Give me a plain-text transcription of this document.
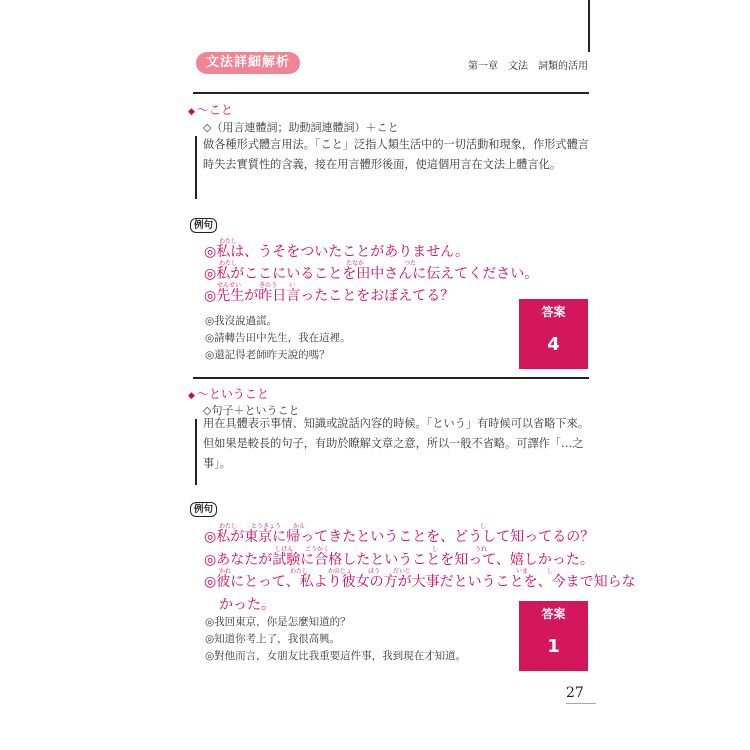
文法詳細解析	第一章　文法　詞類的活用
◆ ～こと
◇（用言連體詞；助動詞連體詞）＋こと
做各種形式體言用法。「こと」泛指人類生活中的一切活動和現象，作形式體言時失去實質性的含義，接在用言體形後面，使這個用言在文法上體言化。
例句
わたし
わたし	たなか	つた
せんせい	きのう い
◎私は、うそをついたことがありません。
◎私がここにいることを田中さんに伝えてください。
◎先生が昨日言ったことをおぼえてる？
◎我沒說過謊。
◎請轉告田中先生，我在這裡。
◎還記得老師昨天說的嗎？
答案
4
◆ ～ということ
◇句子＋ということ
用在具體表示事情、知識或說話內容的時候。「という」有時候可以省略下來。但如果是較長的句子，有助於瞭解文章之意，所以一般不省略。可譯作「…之事」。
例句
わたし とうきょう かえ	し
しけん ごうかく	し	うれ
かれ	わたし	かのじょ	ほう だいじ	いま	し
◎私が東京に帰ってきたということを、どうして知ってるの？
◎あなたが試験に合格したということを知って、嬉しかった。
◎彼にとって、私より彼女の方が大事だということを、今まで知らな
かった。
◎我回東京，你是怎麼知道的？
◎知道你考上了，我很高興。
◎對他而言，女朋友比我重要這件事，我到現在才知道。
答案
1
27
